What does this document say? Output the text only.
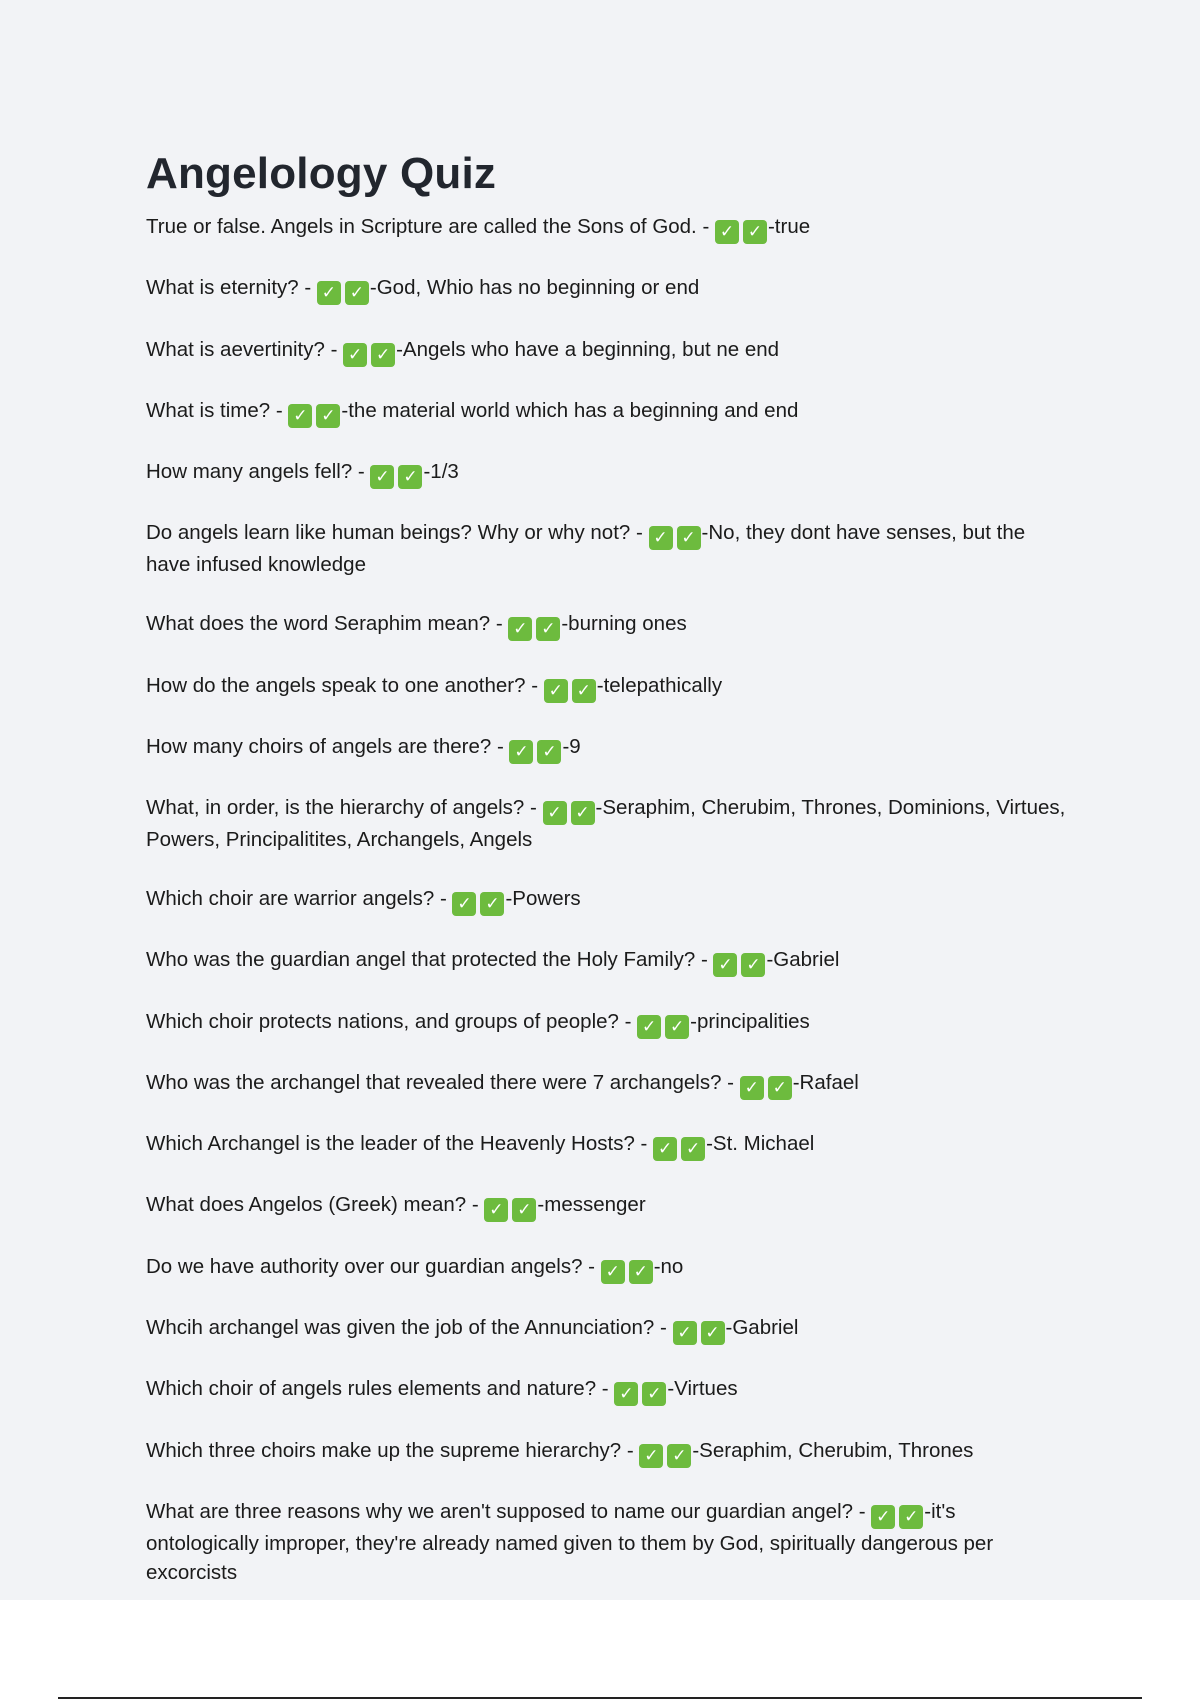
Angelology Quiz
True or false. Angels in Scripture are called the Sons of God. - ✓ ✓ -true
What is eternity? - ✓ ✓ -God, Whio has no beginning or end
What is aevertinity? - ✓ ✓ -Angels who have a beginning, but ne end
What is time? - ✓ ✓ -the material world which has a beginning and end
How many angels fell? - ✓ ✓ -1/3
Do angels learn like human beings? Why or why not? - ✓ ✓ -No, they dont have senses, but the have infused knowledge
What does the word Seraphim mean? - ✓ ✓ -burning ones
How do the angels speak to one another? - ✓ ✓ -telepathically
How many choirs of angels are there? - ✓ ✓ -9
What, in order, is the hierarchy of angels? - ✓ ✓ -Seraphim, Cherubim, Thrones, Dominions, Virtues, Powers, Principalitites, Archangels, Angels
Which choir are warrior angels? - ✓ ✓ -Powers
Who was the guardian angel that protected the Holy Family? - ✓ ✓ -Gabriel
Which choir protects nations, and groups of people? - ✓ ✓ -principalities
Who was the archangel that revealed there were 7 archangels? - ✓ ✓ -Rafael
Which Archangel is the leader of the Heavenly Hosts? - ✓ ✓ -St. Michael
What does Angelos (Greek) mean? - ✓ ✓ -messenger
Do we have authority over our guardian angels? - ✓ ✓ -no
Whcih archangel was given the job of the Annunciation? - ✓ ✓ -Gabriel
Which choir of angels rules elements and nature? - ✓ ✓ -Virtues
Which three choirs make up the supreme hierarchy? - ✓ ✓ -Seraphim, Cherubim, Thrones
What are three reasons why we aren't supposed to name our guardian angel? - ✓ ✓ -it's ontologically improper, they're already named given to them by God, spiritually dangerous per excorcists
